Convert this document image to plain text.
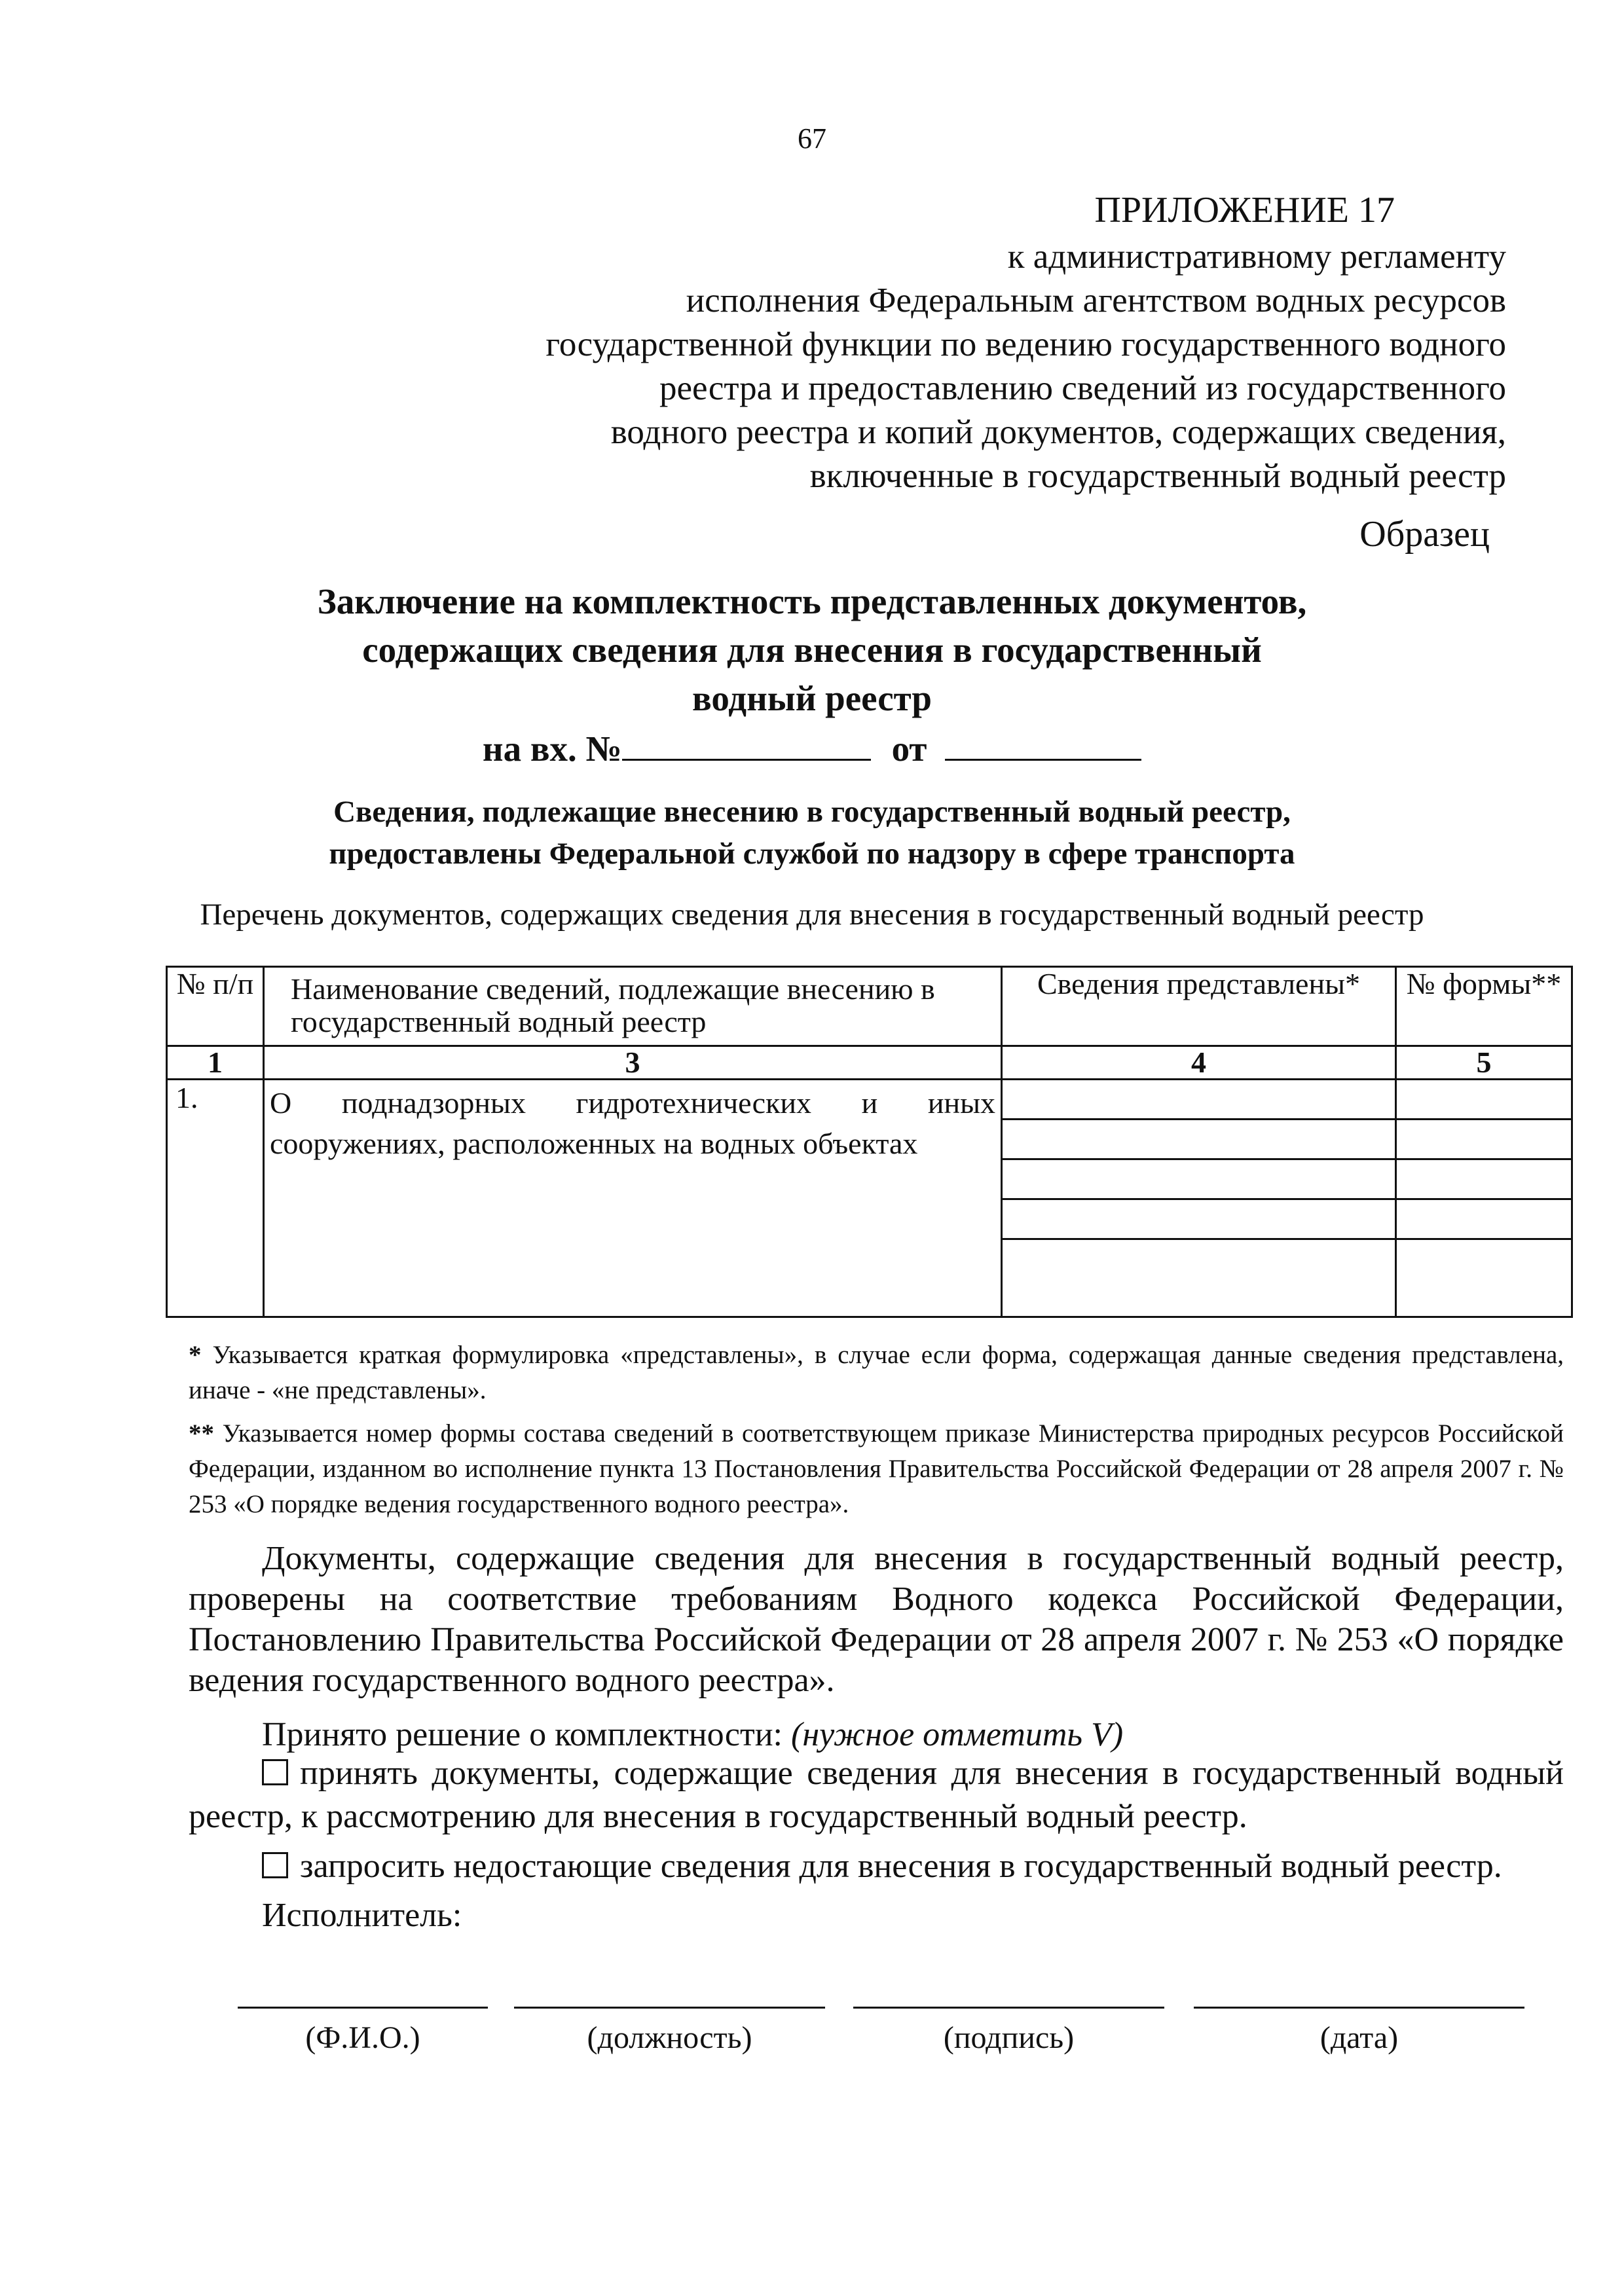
67
ПРИЛОЖЕНИЕ 17
к административному регламенту
исполнения Федеральным агентством водных ресурсов
государственной функции по ведению государственного водного
реестра и предоставлению сведений из государственного
водного реестра и копий документов, содержащих сведения,
включенные в государственный водный реестр
Образец
Заключение на комплектность представленных документов,
содержащих сведения для внесения в государственный
водный реестр
на вх. №	от
Сведения, подлежащие внесению в государственный водный реестр,
предоставлены Федеральной службой по надзору в сфере транспорта
Перечень документов, содержащих сведения для внесения в государственный водный реестр
№ п/п	Наименование сведений, подлежащие внесению в государственный водный реестр	Сведения представлены*	№ формы**
1	3	4	5
1.	О поднадзорных гидротехнических и иных сооружениях, расположенных на водных объектах	

* Указывается краткая формулировка «представлены», в случае если форма, содержащая данные сведения представлена, иначе - «не представлены».
** Указывается номер формы состава сведений в соответствующем приказе Министерства природных ресурсов Российской Федерации, изданном во исполнение пункта 13 Постановления Правительства Российской Федерации от 28 апреля 2007 г. № 253 «О порядке ведения государственного водного реестра».
Документы, содержащие сведения для внесения в государственный водный реестр, проверены на соответствие требованиям Водного кодекса Российской Федерации, Постановлению Правительства Российской Федерации от 28 апреля 2007 г. № 253 «О порядке ведения государственного водного реестра».
Принято решение о комплектности: (нужное отметить V)
принять документы, содержащие сведения для внесения в государственный водный реестр, к рассмотрению для внесения в государственный водный реестр.
запросить недостающие сведения для внесения в государственный водный реестр.
Исполнитель:
(Ф.И.О.)	(должность)	(подпись)	(дата)
